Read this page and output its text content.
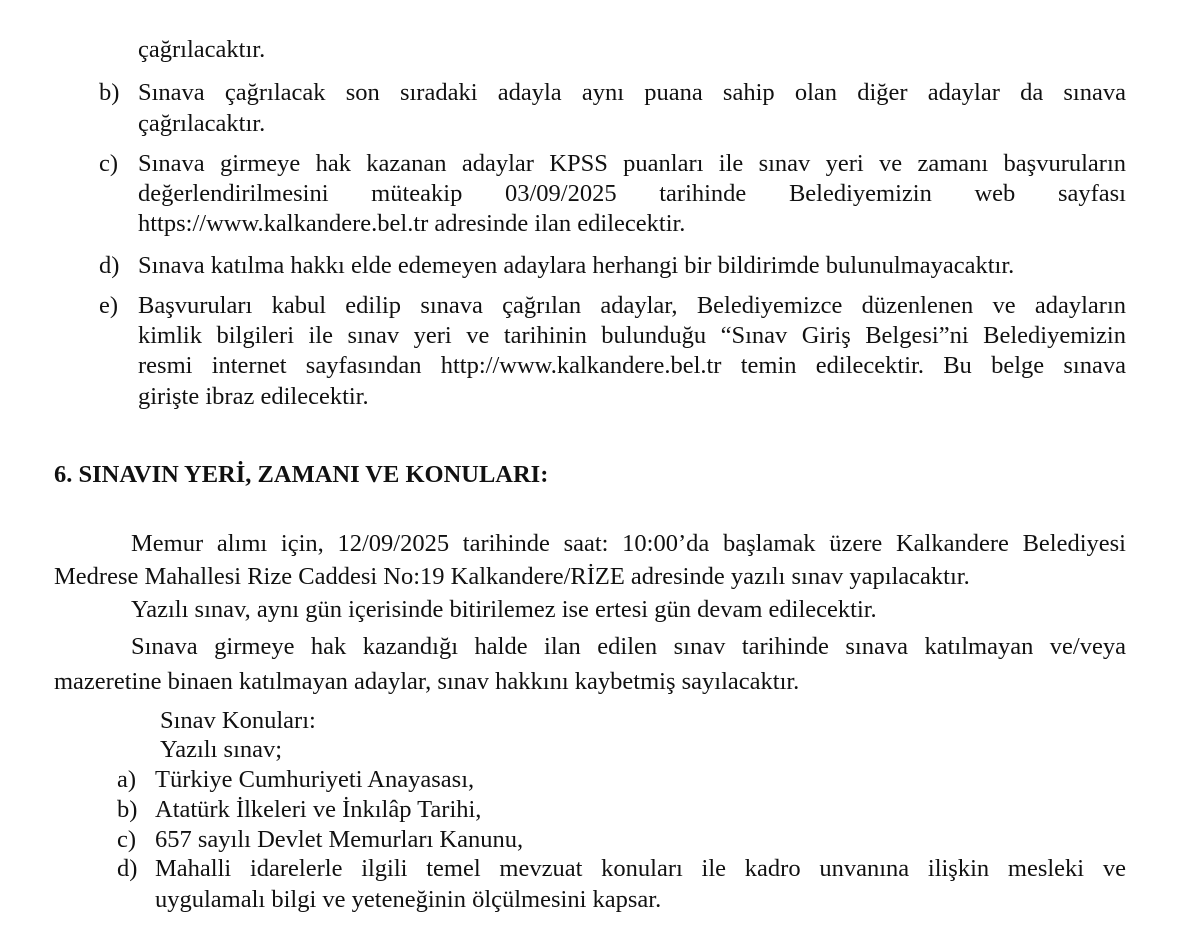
çağrılacaktır.
b) Sınava çağrılacak son sıradaki adayla aynı puana sahip olan diğer adaylar da sınava
çağrılacaktır.
c) Sınava girmeye hak kazanan adaylar KPSS puanları ile sınav yeri ve zamanı başvuruların
değerlendirilmesini müteakip 03/09/2025 tarihinde Belediyemizin web sayfası
https://www.kalkandere.bel.tr adresinde ilan edilecektir.
d) Sınava katılma hakkı elde edemeyen adaylara herhangi bir bildirimde bulunulmayacaktır.
e) Başvuruları kabul edilip sınava çağrılan adaylar, Belediyemizce düzenlenen ve adayların
kimlik bilgileri ile sınav yeri ve tarihinin bulunduğu “Sınav Giriş Belgesi”ni Belediyemizin
resmi internet sayfasından http://www.kalkandere.bel.tr temin edilecektir. Bu belge sınava
girişte ibraz edilecektir.
6. SINAVIN YERİ, ZAMANI VE KONULARI:
Memur alımı için, 12/09/2025 tarihinde saat: 10:00’da başlamak üzere Kalkandere Belediyesi
Medrese Mahallesi Rize Caddesi No:19 Kalkandere/RİZE adresinde yazılı sınav yapılacaktır.
Yazılı sınav, aynı gün içerisinde bitirilemez ise ertesi gün devam edilecektir.
Sınava girmeye hak kazandığı halde ilan edilen sınav tarihinde sınava katılmayan ve/veya
mazeretine binaen katılmayan adaylar, sınav hakkını kaybetmiş sayılacaktır.
Sınav Konuları:
Yazılı sınav;
a) Türkiye Cumhuriyeti Anayasası,
b) Atatürk İlkeleri ve İnkılâp Tarihi,
c) 657 sayılı Devlet Memurları Kanunu,
d) Mahalli idarelerle ilgili temel mevzuat konuları ile kadro unvanına ilişkin mesleki ve
uygulamalı bilgi ve yeteneğinin ölçülmesini kapsar.
